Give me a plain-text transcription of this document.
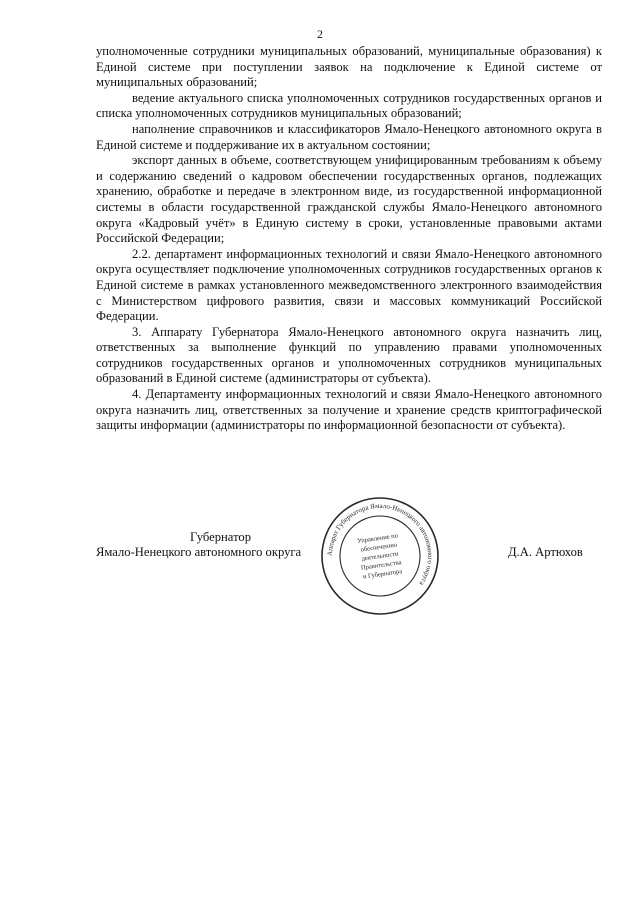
2

уполномоченные сотрудники муниципальных образований, муниципальные образования) к Единой системе при поступлении заявок на подключение к Единой системе от муниципальных образований;

ведение актуального списка уполномоченных сотрудников государственных органов и списка уполномоченных сотрудников муниципальных образований;

наполнение справочников и классификаторов Ямало-Ненецкого автономного округа в Единой системе и поддерживание их в актуальном состоянии;

экспорт данных в объеме, соответствующем унифицированным требованиям к объему и содержанию сведений о кадровом обеспечении государственных органов, подлежащих хранению, обработке и передаче в электронном виде, из государственной информационной системы в области государственной гражданской службы Ямало-Ненецкого автономного округа «Кадровый учёт» в Единую систему в сроки, установленные правовыми актами Российской Федерации;

2.2. департамент информационных технологий и связи Ямало-Ненецкого автономного округа осуществляет подключение уполномоченных сотрудников государственных органов к Единой системе в рамках установленного межведомственного электронного взаимодействия с Министерством цифрового развития, связи и массовых коммуникаций Российской Федерации.

3. Аппарату Губернатора Ямало-Ненецкого автономного округа назначить лиц, ответственных за выполнение функций по управлению правами уполномоченных сотрудников государственных органов и уполномоченных сотрудников муниципальных образований в Единой системе (администраторы от субъекта).

4. Департаменту информационных технологий и связи Ямало-Ненецкого автономного округа назначить лиц, ответственных за получение и хранение средств криптографической защиты информации (администраторы по информационной безопасности от субъекта).

Аппарат Губернатора Ямало-Ненецкого автономного округа
Управление по
обеспечению
деятельности
Правительства
и Губернатора
Губернатор
Ямало-Ненецкого автономного округа	Д.А. Артюхов
